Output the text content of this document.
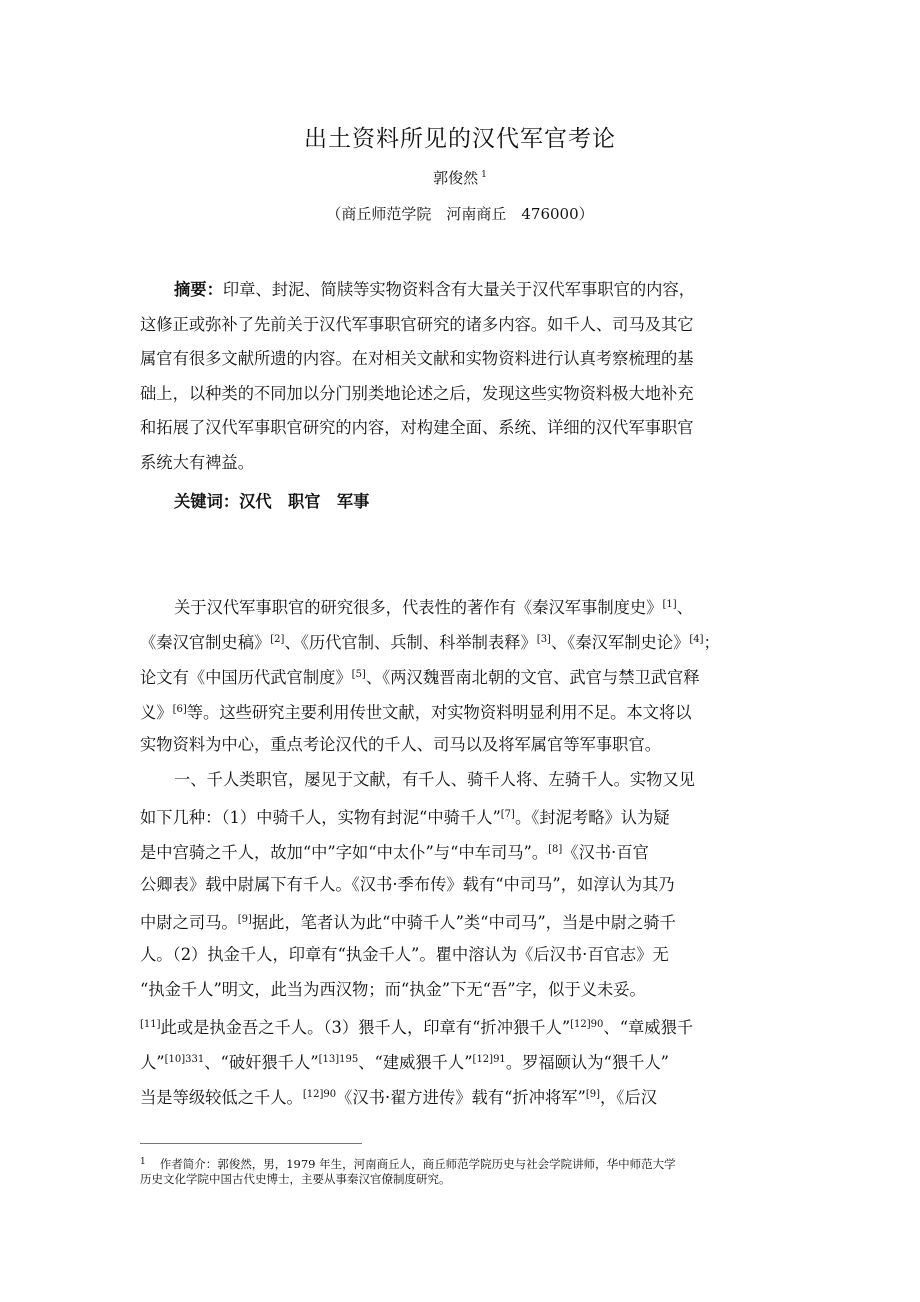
出土资料所见的汉代军官考论
郭俊然 $^1$
（商丘师范学院　河南商丘　476000）
摘要：印章、封泥、简牍等实物资料含有大量关于汉代军事职官的内容，
这修正或弥补了先前关于汉代军事职官研究的诸多内容。如千人、司马及其它
属官有很多文献所遗的内容。在对相关文献和实物资料进行认真考察梳理的基
础上，以种类的不同加以分门别类地论述之后，发现这些实物资料极大地补充
和拓展了汉代军事职官研究的内容，对构建全面、系统、详细的汉代军事职官
系统大有裨益。
关键词：汉代　职官　军事
关于汉代军事职官的研究很多，代表性的著作有《秦汉军事制度史》[1]、
《秦汉官制史稿》[2]、《历代官制、兵制、科举制表释》[3]、《秦汉军制史论》[4]；
论文有《中国历代武官制度》[5]、《两汉魏晋南北朝的文官、武官与禁卫武官释
义》[6]等。这些研究主要利用传世文献，对实物资料明显利用不足。本文将以
实物资料为中心，重点考论汉代的千人、司马以及将军属官等军事职官。
一、千人类职官，屡见于文献，有千人、骑千人将、左骑千人。实物又见
如下几种：（1）中骑千人，实物有封泥“中骑千人”[7]。《封泥考略》认为疑
是中宫骑之千人，故加“中”字如“中太仆”与“中车司马”。[8]《汉书·百官
公卿表》载中尉属下有千人。《汉书·季布传》载有“中司马”，如淳认为其乃
中尉之司马。[9]据此，笔者认为此“中骑千人”类“中司马”，当是中尉之骑千
人。（2）执金千人，印章有“执金千人”。瞿中溶认为《后汉书·百官志》无
“执金千人”明文，此当为西汉物；而“执金”下无“吾”字，似于义未妥。
[11]此或是执金吾之千人。（3）猥千人，印章有“折冲猥千人”$^{[12]90}$、“章威猥千
人”$^{[10]331}$、“破奸猥千人”$^{[13]195}$、“建威猥千人”$^{[12]91}$。罗福颐认为“猥千人”
当是等级较低之千人。$^{[12]90}$《汉书·翟方进传》载有“折冲将军”[9]，《后汉
$^1$ 作者简介：郭俊然，男，1979 年生，河南商丘人，商丘师范学院历史与社会学院讲师，华中师范大学
历史文化学院中国古代史博士，主要从事秦汉官僚制度研究。
